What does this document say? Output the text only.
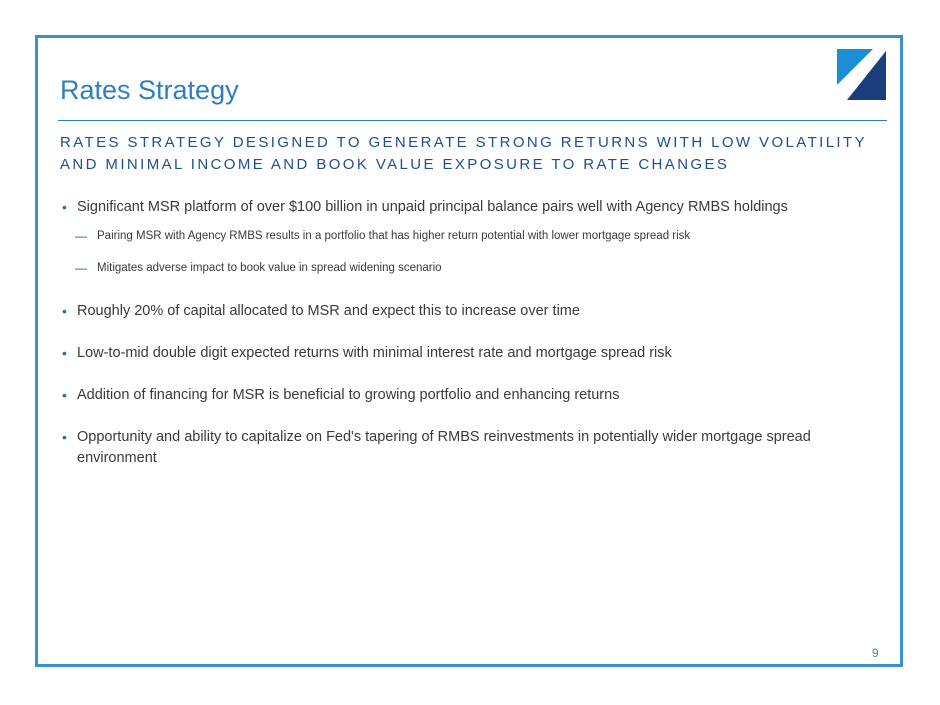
Rates Strategy
RATES STRATEGY DESIGNED TO GENERATE STRONG RETURNS WITH LOW VOLATILITY AND MINIMAL INCOME AND BOOK VALUE EXPOSURE TO RATE CHANGES
• Significant MSR platform of over $100 billion in unpaid principal balance pairs well with Agency RMBS holdings
— Pairing MSR with Agency RMBS results in a portfolio that has higher return potential with lower mortgage spread risk
— Mitigates adverse impact to book value in spread widening scenario
• Roughly 20% of capital allocated to MSR and expect this to increase over time
• Low-to-mid double digit expected returns with minimal interest rate and mortgage spread risk
• Addition of financing for MSR is beneficial to growing portfolio and enhancing returns
• Opportunity and ability to capitalize on Fed's tapering of RMBS reinvestments in potentially wider mortgage spread environment
9
